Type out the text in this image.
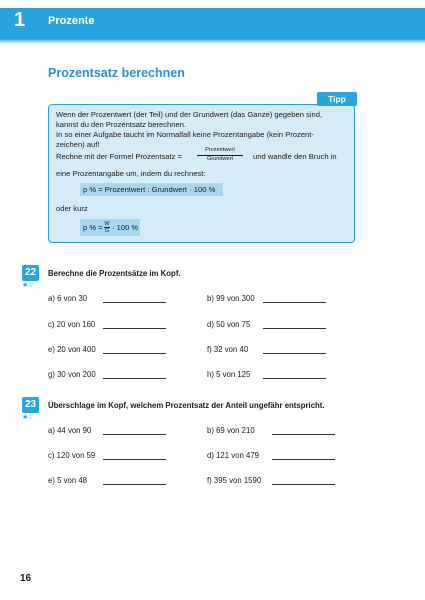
1 Prozente
Prozentsatz berechnen
Tipp
Wenn der Prozentwert (der Teil) und der Grundwert (das Ganze) gegeben sind,
kannst du den Prozentsatz berechnen.
In so einer Aufgabe taucht im Normalfall keine Prozentangabe (kein Prozent-
zeichen) auf!
Rechne mit der Formel Prozentsatz =
Prozentwert
Grundwert	und wandle den Bruch in
eine Prozentangabe um, indem du rechnest:
p % = Prozentwert : Grundwert · 100 %
oder kurz
p % = W
G · 100 %
22
★☆
Berechne die Prozentsätze im Kopf.
a) 6 von 30	b) 99 von 300
c) 20 von 160	d) 50 von 75
e) 20 von 400	f) 32 von 40
g) 30 von 200	h) 5 von 125
23
★☆
Überschlage im Kopf, welchem Prozentsatz der Anteil ungefähr entspricht.
a) 44 von 90	b) 69 von 210
c) 120 von 59	d) 121 von 479
e) 5 von 48	f) 395 von 1590
16
